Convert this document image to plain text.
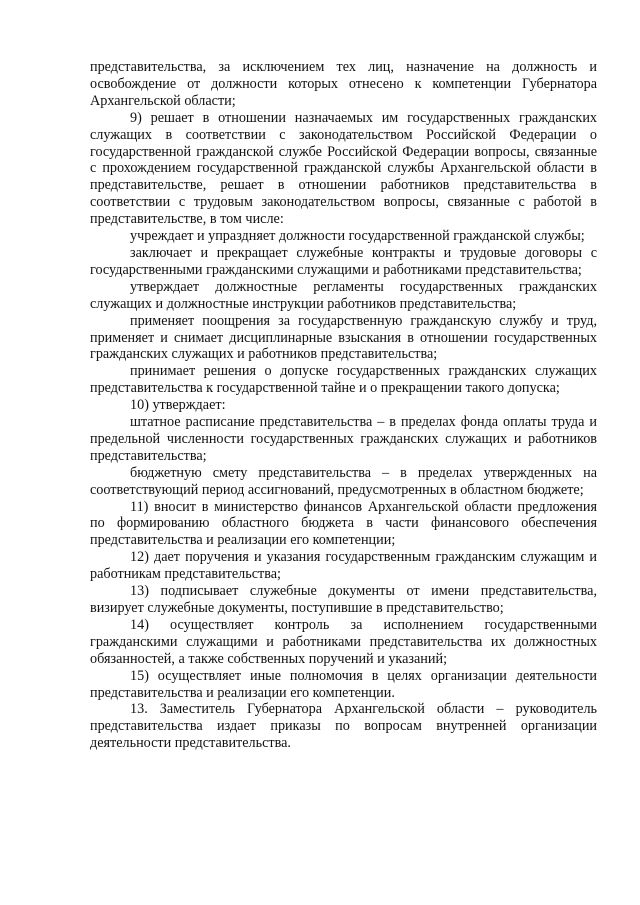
представительства, за исключением тех лиц, назначение на должность и освобождение от должности которых отнесено к компетенции Губернатора Архангельской области;

9) решает в отношении назначаемых им государственных гражданских служащих в соответствии с законодательством Российской Федерации о государственной гражданской службе Российской Федерации вопросы, связанные с прохождением государственной гражданской службы Архангельской области в представительстве, решает в отношении работников представительства в соответствии с трудовым законодательством вопросы, связанные с работой в представительстве, в том числе:

учреждает и упраздняет должности государственной гражданской службы;

заключает и прекращает служебные контракты и трудовые договоры с государственными гражданскими служащими и работниками представительства;

утверждает должностные регламенты государственных гражданских служащих и должностные инструкции работников представительства;

применяет поощрения за государственную гражданскую службу и труд, применяет и снимает дисциплинарные взыскания в отношении государственных гражданских служащих и работников представительства;

принимает решения о допуске государственных гражданских служащих представительства к государственной тайне и о прекращении такого допуска;

10) утверждает:

штатное расписание представительства – в пределах фонда оплаты труда и предельной численности государственных гражданских служащих и работников представительства;

бюджетную смету представительства – в пределах утвержденных на соответствующий период ассигнований, предусмотренных в областном бюджете;

11) вносит в министерство финансов Архангельской области предложения по формированию областного бюджета в части финансового обеспечения представительства и реализации его компетенции;

12) дает поручения и указания государственным гражданским служащим и работникам представительства;

13) подписывает служебные документы от имени представительства, визирует служебные документы, поступившие в представительство;

14) осуществляет контроль за исполнением государственными гражданскими служащими и работниками представительства их должностных обязанностей, а также собственных поручений и указаний;

15) осуществляет иные полномочия в целях организации деятельности представительства и реализации его компетенции.

13. Заместитель Губернатора Архангельской области – руководитель представительства издает приказы по вопросам внутренней организации деятельности представительства.
